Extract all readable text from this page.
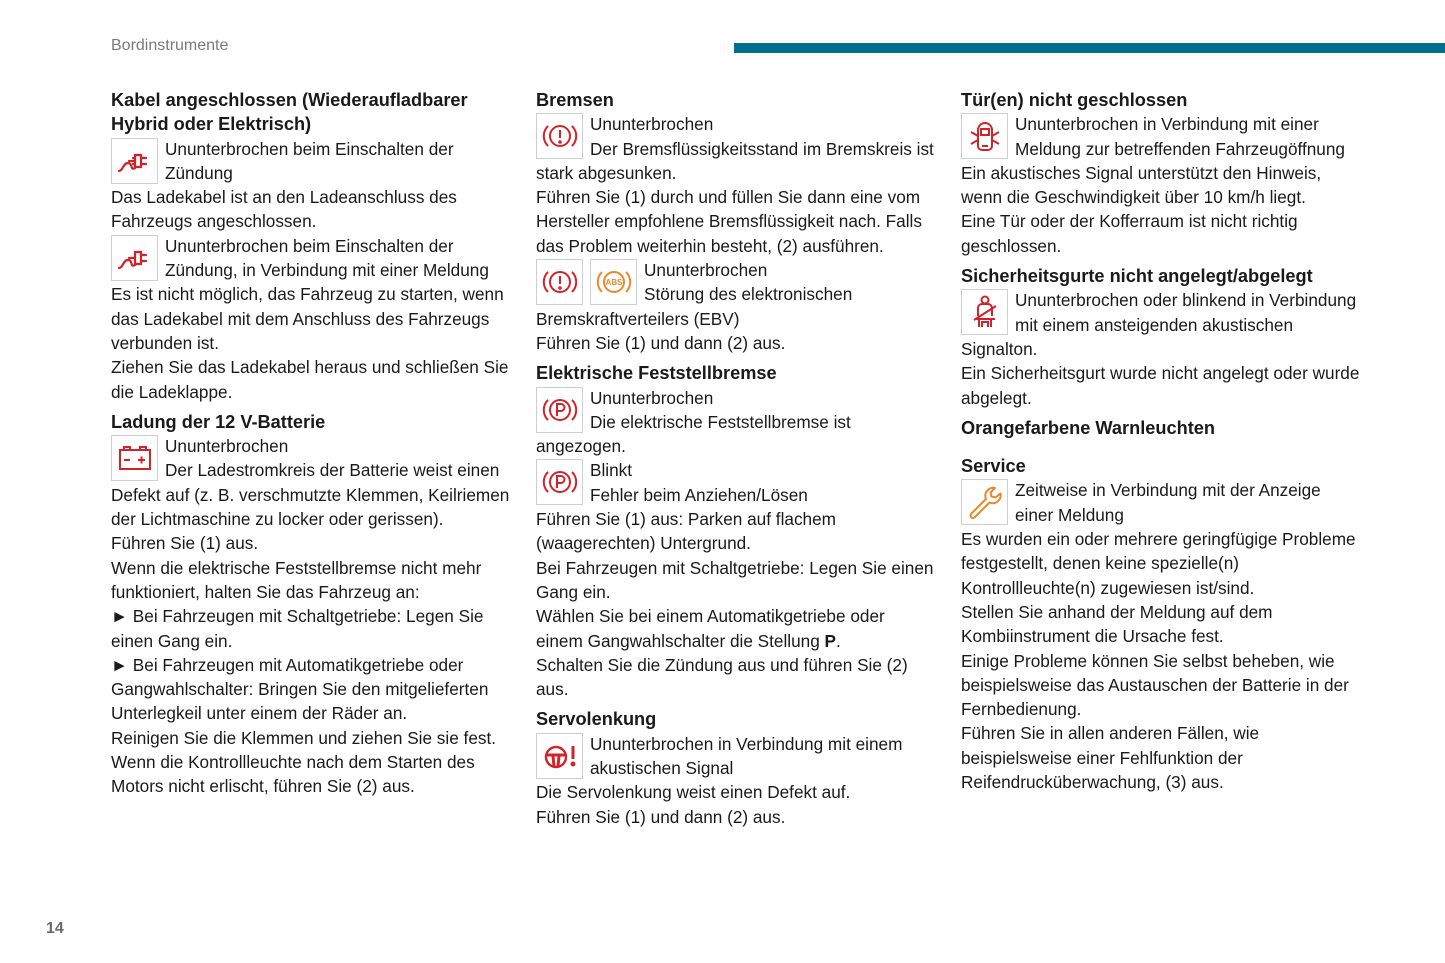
Bordinstrumente
Kabel angeschlossen (Wiederaufladbarer Hybrid oder Elektrisch)

Ununterbrochen beim Einschalten der Zündung

Das Ladekabel ist an den Ladeanschluss des Fahrzeugs angeschlossen.

Ununterbrochen beim Einschalten der Zündung, in Verbindung mit einer Meldung

Es ist nicht möglich, das Fahrzeug zu starten, wenn das Ladekabel mit dem Anschluss des Fahrzeugs verbunden ist.

Ziehen Sie das Ladekabel heraus und schließen Sie die Ladeklappe.

Ladung der 12 V-Batterie

Ununterbrochen

Der Ladestromkreis der Batterie weist einen Defekt auf (z. B. verschmutzte Klemmen, Keilriemen der Lichtmaschine zu locker oder gerissen).

Führen Sie (1) aus.

Wenn die elektrische Feststellbremse nicht mehr funktioniert, halten Sie das Fahrzeug an:

► Bei Fahrzeugen mit Schaltgetriebe: Legen Sie einen Gang ein.

► Bei Fahrzeugen mit Automatikgetriebe oder Gangwahlschalter: Bringen Sie den mitgelieferten Unterlegkeil unter einem der Räder an.

Reinigen Sie die Klemmen und ziehen Sie sie fest.

Wenn die Kontrollleuchte nach dem Starten des Motors nicht erlischt, führen Sie (2) aus.

Bremsen

Ununterbrochen

Der Bremsflüssigkeitsstand im Bremskreis ist stark abgesunken.

Führen Sie (1) durch und füllen Sie dann eine vom Hersteller empfohlene Bremsflüssigkeit nach. Falls das Problem weiterhin besteht, (2) ausführen.

ABS

Ununterbrochen

Störung des elektronischen Bremskraftverteilers (EBV)

Führen Sie (1) und dann (2) aus.

Elektrische Feststellbremse

Ununterbrochen

Die elektrische Feststellbremse ist angezogen.

Blinkt

Fehler beim Anziehen/Lösen

Führen Sie (1) aus: Parken auf flachem (waagerechten) Untergrund.

Bei Fahrzeugen mit Schaltgetriebe: Legen Sie einen Gang ein.

Wählen Sie bei einem Automatikgetriebe oder einem Gangwahlschalter die Stellung P.

Schalten Sie die Zündung aus und führen Sie (2) aus.

Servolenkung

Ununterbrochen in Verbindung mit einem akustischen Signal

Die Servolenkung weist einen Defekt auf.

Führen Sie (1) und dann (2) aus.

Tür(en) nicht geschlossen

Ununterbrochen in Verbindung mit einer Meldung zur betreffenden Fahrzeugöffnung

Ein akustisches Signal unterstützt den Hinweis, wenn die Geschwindigkeit über 10 km/h liegt.

Eine Tür oder der Kofferraum ist nicht richtig geschlossen.

Sicherheitsgurte nicht angelegt/abgelegt

Ununterbrochen oder blinkend in Verbindung mit einem ansteigenden akustischen Signalton.

Ein Sicherheitsgurt wurde nicht angelegt oder wurde abgelegt.

Orangefarbene Warnleuchten
Service

Zeitweise in Verbindung mit der Anzeige einer Meldung

Es wurden ein oder mehrere geringfügige Probleme festgestellt, denen keine spezielle(n) Kontrollleuchte(n) zugewiesen ist/sind.

Stellen Sie anhand der Meldung auf dem Kombiinstrument die Ursache fest.

Einige Probleme können Sie selbst beheben, wie beispielsweise das Austauschen der Batterie in der Fernbedienung.

Führen Sie in allen anderen Fällen, wie beispielsweise einer Fehlfunktion der Reifendrucküberwachung, (3) aus.

14
